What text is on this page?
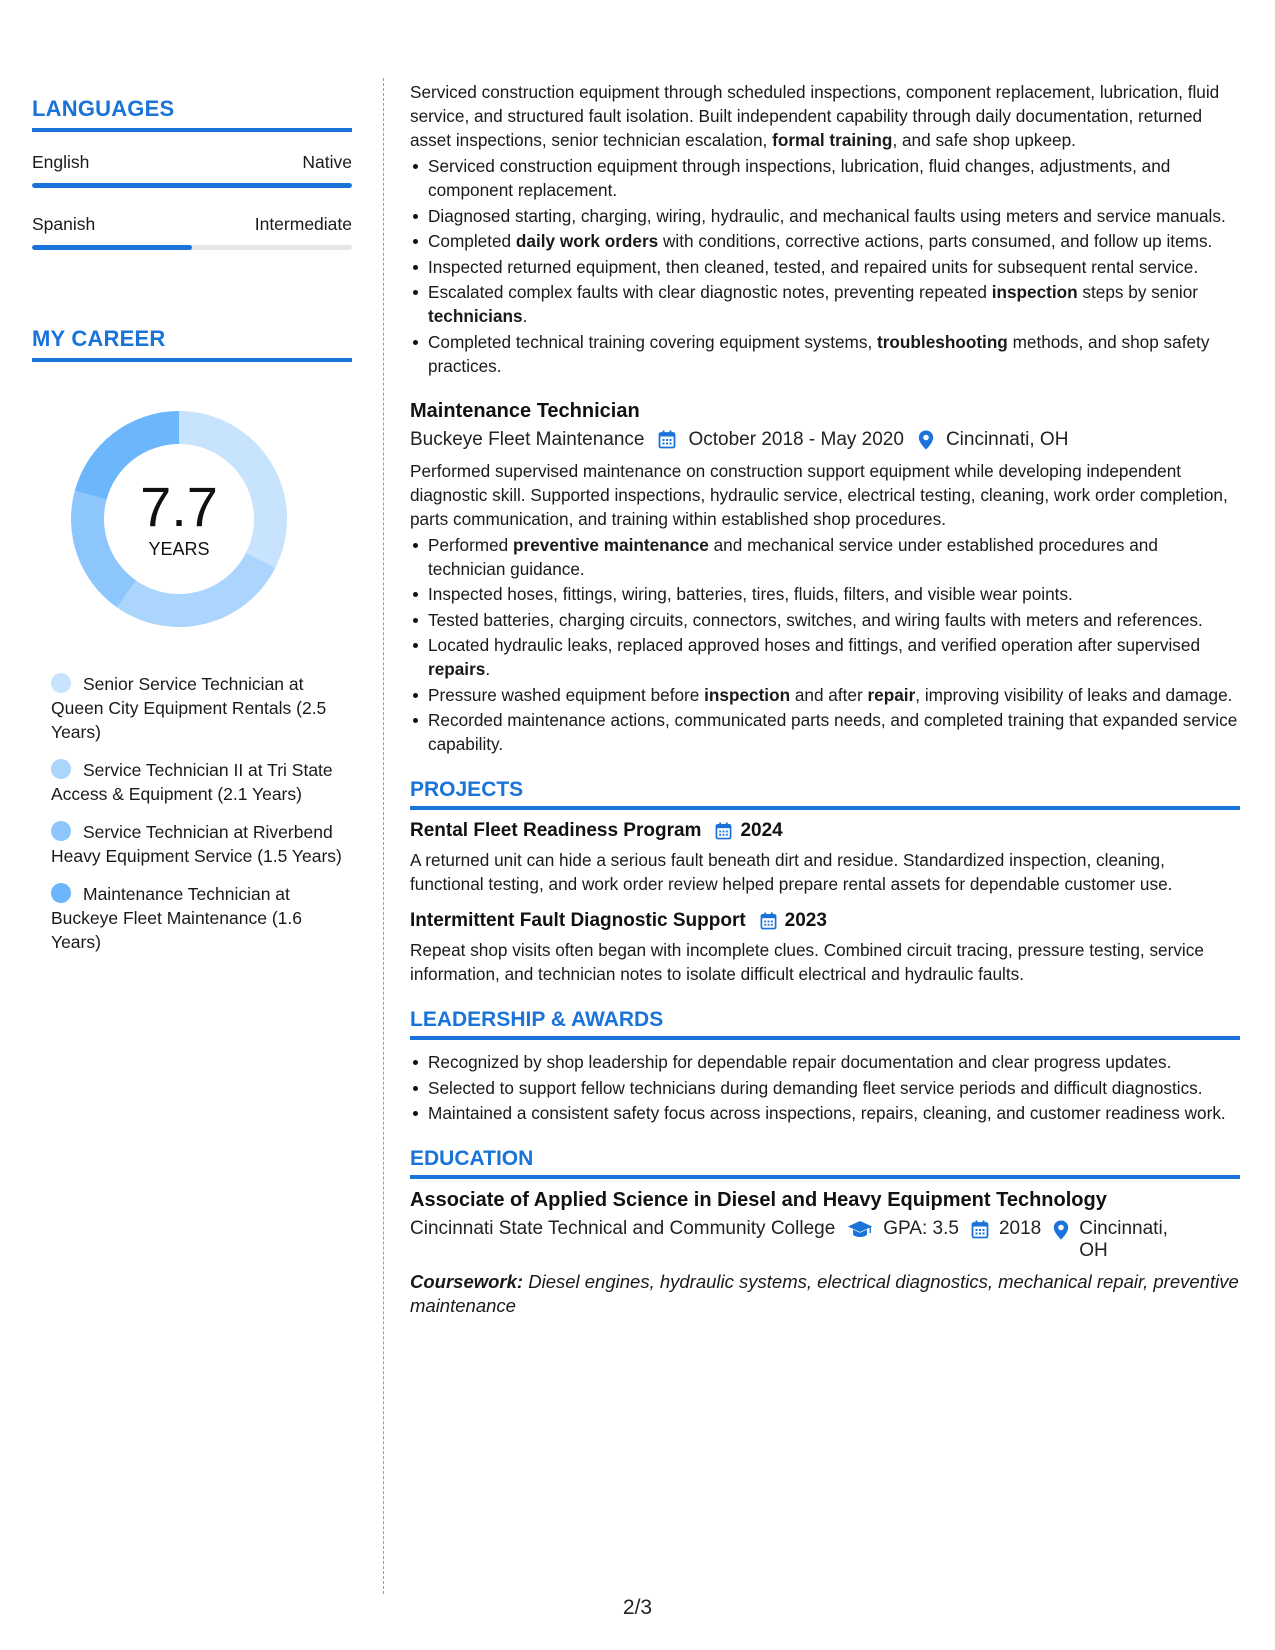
LANGUAGES
English	Native
Spanish	Intermediate
MY CAREER
7.7
YEARS
Senior Service Technician at Queen City Equipment Rentals (2.5 Years)
Service Technician II at Tri State Access & Equipment (2.1 Years)
Service Technician at Riverbend Heavy Equipment Service (1.5 Years)
Maintenance Technician at Buckeye Fleet Maintenance (1.6 Years)

Serviced construction equipment through scheduled inspections, component replacement, lubrication, fluid service, and structured fault isolation. Built independent capability through daily documentation, returned asset inspections, senior technician escalation, formal training, and safe shop upkeep.

Serviced construction equipment through inspections, lubrication, fluid changes, adjustments, and component replacement.
Diagnosed starting, charging, wiring, hydraulic, and mechanical faults using meters and service manuals.
Completed daily work orders with conditions, corrective actions, parts consumed, and follow up items.
Inspected returned equipment, then cleaned, tested, and repaired units for subsequent rental service.
Escalated complex faults with clear diagnostic notes, preventing repeated inspection steps by senior technicians.
Completed technical training covering equipment systems, troubleshooting methods, and shop safety practices.
Maintenance Technician
Buckeye Fleet Maintenance October 2018 - May 2020 Cincinnati, OH

Performed supervised maintenance on construction support equipment while developing independent diagnostic skill. Supported inspections, hydraulic service, electrical testing, cleaning, work order completion, parts communication, and training within established shop procedures.

Performed preventive maintenance and mechanical service under established procedures and technician guidance.
Inspected hoses, fittings, wiring, batteries, tires, fluids, filters, and visible wear points.
Tested batteries, charging circuits, connectors, switches, and wiring faults with meters and references.
Located hydraulic leaks, replaced approved hoses and fittings, and verified operation after supervised repairs.
Pressure washed equipment before inspection and after repair, improving visibility of leaks and damage.
Recorded maintenance actions, communicated parts needs, and completed training that expanded service capability.
PROJECTS
Rental Fleet Readiness Program 2024

A returned unit can hide a serious fault beneath dirt and residue. Standardized inspection, cleaning, functional testing, and work order review helped prepare rental assets for dependable customer use.

Intermittent Fault Diagnostic Support 2023

Repeat shop visits often began with incomplete clues. Combined circuit tracing, pressure testing, service information, and technician notes to isolate difficult electrical and hydraulic faults.

LEADERSHIP & AWARDS
Recognized by shop leadership for dependable repair documentation and clear progress updates.
Selected to support fellow technicians during demanding fleet service periods and difficult diagnostics.
Maintained a consistent safety focus across inspections, repairs, cleaning, and customer readiness work.
EDUCATION
Associate of Applied Science in Diesel and Heavy Equipment Technology
Cincinnati State Technical and Community College	GPA: 3.5 2018 Cincinnati, OH

Coursework: Diesel engines, hydraulic systems, electrical diagnostics, mechanical repair, preventive maintenance

2/3
